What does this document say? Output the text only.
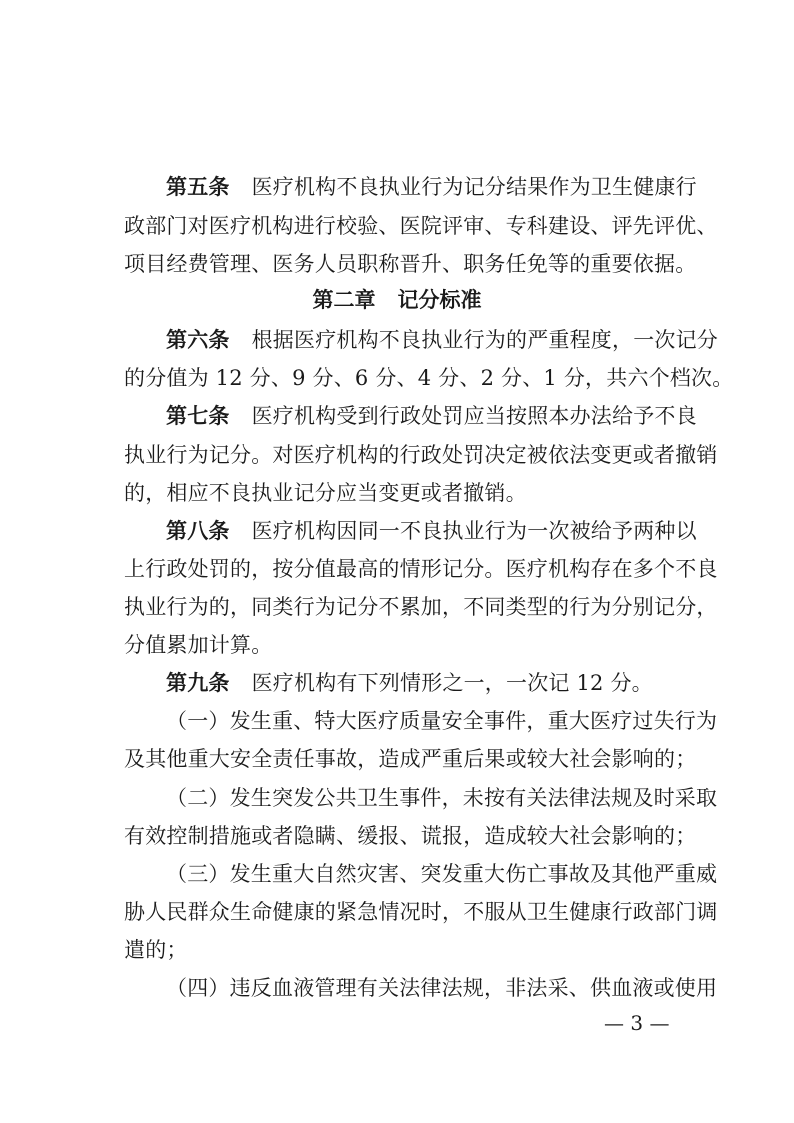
第五条 医疗机构不良执业行为记分结果作为卫生健康行
政部门对医疗机构进行校验、医院评审、专科建设、评先评优、
项目经费管理、医务人员职称晋升、职务任免等的重要依据。
第二章 记分标准
第六条 根据医疗机构不良执业行为的严重程度，一次记分
的分值为 12 分、9 分、6 分、4 分、2 分、1 分，共六个档次。
第七条 医疗机构受到行政处罚应当按照本办法给予不良
执业行为记分。对医疗机构的行政处罚决定被依法变更或者撤销
的，相应不良执业记分应当变更或者撤销。
第八条 医疗机构因同一不良执业行为一次被给予两种以
上行政处罚的，按分值最高的情形记分。医疗机构存在多个不良
执业行为的，同类行为记分不累加，不同类型的行为分别记分，
分值累加计算。
第九条 医疗机构有下列情形之一，一次记 12 分。
（一）发生重、特大医疗质量安全事件，重大医疗过失行为
及其他重大安全责任事故，造成严重后果或较大社会影响的；
（二）发生突发公共卫生事件，未按有关法律法规及时采取
有效控制措施或者隐瞒、缓报、谎报，造成较大社会影响的；
（三）发生重大自然灾害、突发重大伤亡事故及其他严重威
胁人民群众生命健康的紧急情况时，不服从卫生健康行政部门调
遣的；
（四）违反血液管理有关法律法规，非法采、供血液或使用
— 3 —
